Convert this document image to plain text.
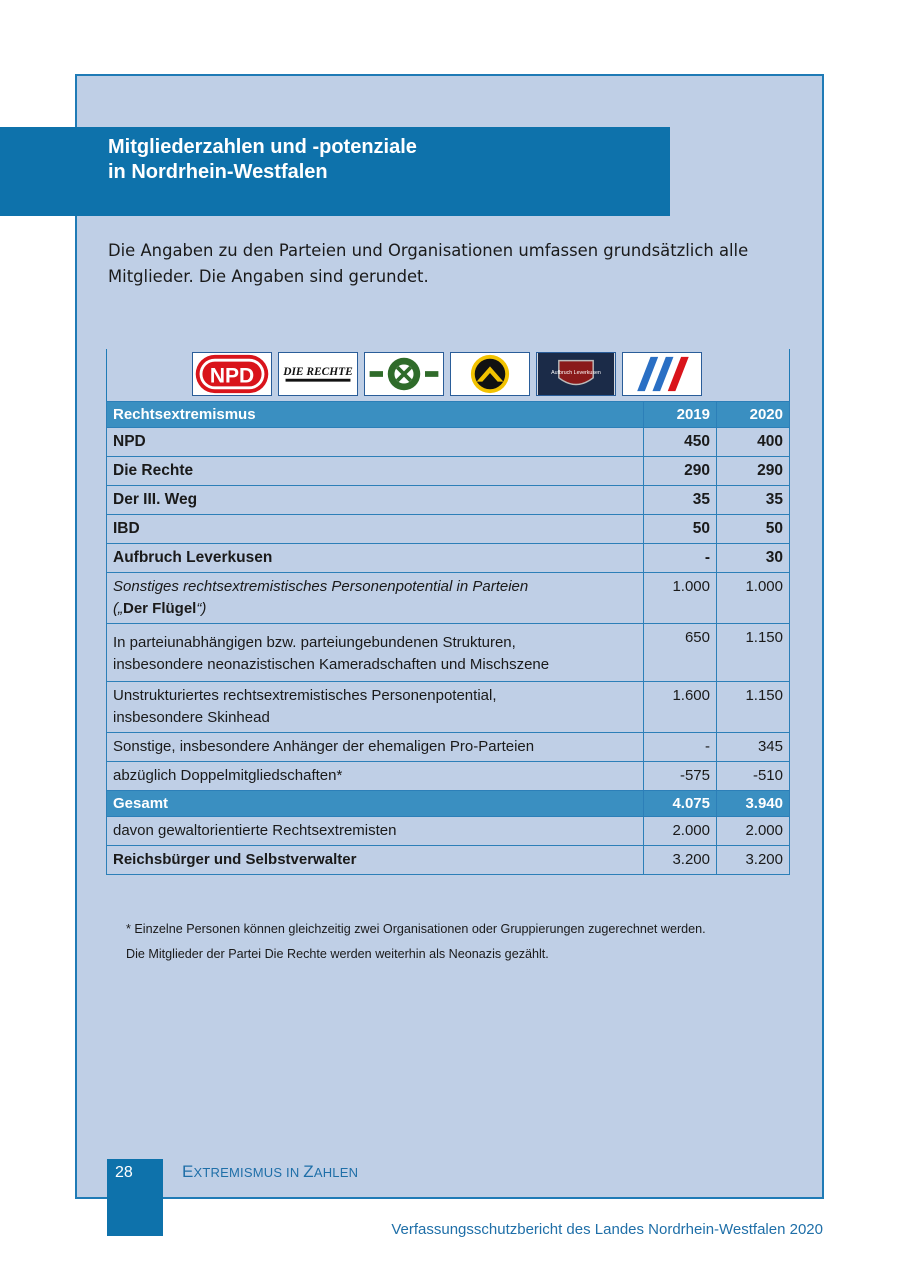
Mitgliederzahlen und -potenziale
in Nordrhein-Westfalen

Die Angaben zu den Parteien und Organisationen umfassen grundsätzlich alle Mitglieder. Die Angaben sind gerundet.

NPD DIE RECHTE	Aufbruch Leverkusen
Rechtsextremismus	2019	2020
NPD	450	400
Die Rechte	290	290
Der III. Weg	35	35
IBD	50	50
Aufbruch Leverkusen	-	30
Sonstiges rechtsextremistisches Personenpotential in Parteien
(„Der Flügel“)	1.000	1.000
In parteiunabhängigen bzw. parteiungebundenen Strukturen,
insbesondere neonazistischen Kameradschaften und Mischszene	650	1.150
Unstrukturiertes rechtsextremistisches Personenpotential,
insbesondere Skinhead	1.600	1.150
Sonstige, insbesondere Anhänger der ehemaligen Pro-Parteien	-	345
abzüglich Doppelmitgliedschaften*	-575	-510
Gesamt	4.075	3.940
davon gewaltorientierte Rechtsextremisten	2.000	2.000
Reichsbürger und Selbstverwalter	3.200	3.200

* Einzelne Personen können gleichzeitig zwei Organisationen oder Gruppierungen zugerechnet werden.

Die Mitglieder der Partei Die Rechte werden weiterhin als Neonazis gezählt.

28	EXTREMISMUS IN ZAHLEN
Verfassungsschutzbericht des Landes Nordrhein-Westfalen 2020
